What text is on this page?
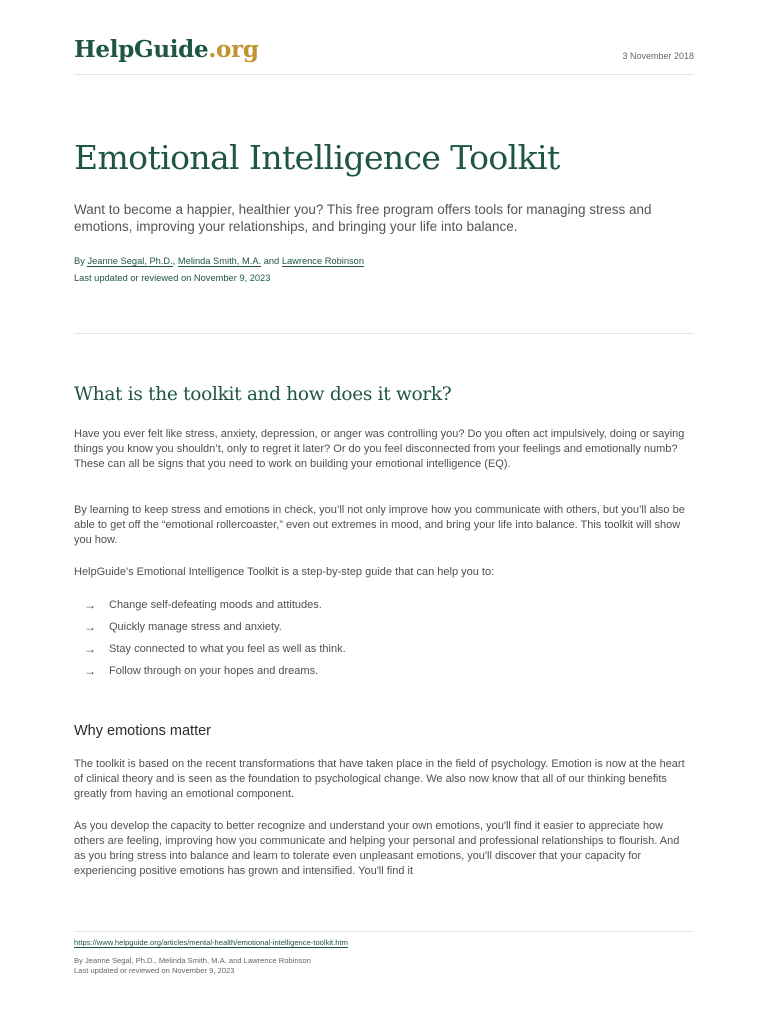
HelpGuide.org	3 November 2018
Emotional Intelligence Toolkit

Want to become a happier, healthier you? This free program offers tools for managing stress and emotions, improving your relationships, and bringing your life into balance.

By Jeanne Segal, Ph.D., Melinda Smith, M.A. and Lawrence Robinson
Last updated or reviewed on November 9, 2023
What is the toolkit and how does it work?

Have you ever felt like stress, anxiety, depression, or anger was controlling you? Do you often act impulsively, doing or saying things you know you shouldn’t, only to regret it later? Or do you feel disconnected from your feelings and emotionally numb? These can all be signs that you need to work on building your emotional intelligence (EQ).

By learning to keep stress and emotions in check, you’ll not only improve how you communicate with others, but you’ll also be able to get off the “emotional rollercoaster,” even out extremes in mood, and bring your life into balance. This toolkit will show you how.

HelpGuide's Emotional Intelligence Toolkit is a step-by-step guide that can help you to:

→ Change self-defeating moods and attitudes.
→ Quickly manage stress and anxiety.
→ Stay connected to what you feel as well as think.
→ Follow through on your hopes and dreams.
Why emotions matter

The toolkit is based on the recent transformations that have taken place in the field of psychology. Emotion is now at the heart of clinical theory and is seen as the foundation to psychological change. We also now know that all of our thinking benefits greatly from having an emotional component.

As you develop the capacity to better recognize and understand your own emotions, you'll find it easier to appreciate how others are feeling, improving how you communicate and helping your personal and professional relationships to flourish. And as you bring stress into balance and learn to tolerate even unpleasant emotions, you'll discover that your capacity for experiencing positive emotions has grown and intensified. You'll find it

https://www.helpguide.org/articles/mental-health/emotional-intelligence-toolkit.htm
By Jeanne Segal, Ph.D., Melinda Smith, M.A. and Lawrence Robinson
Last updated or reviewed on November 9, 2023
